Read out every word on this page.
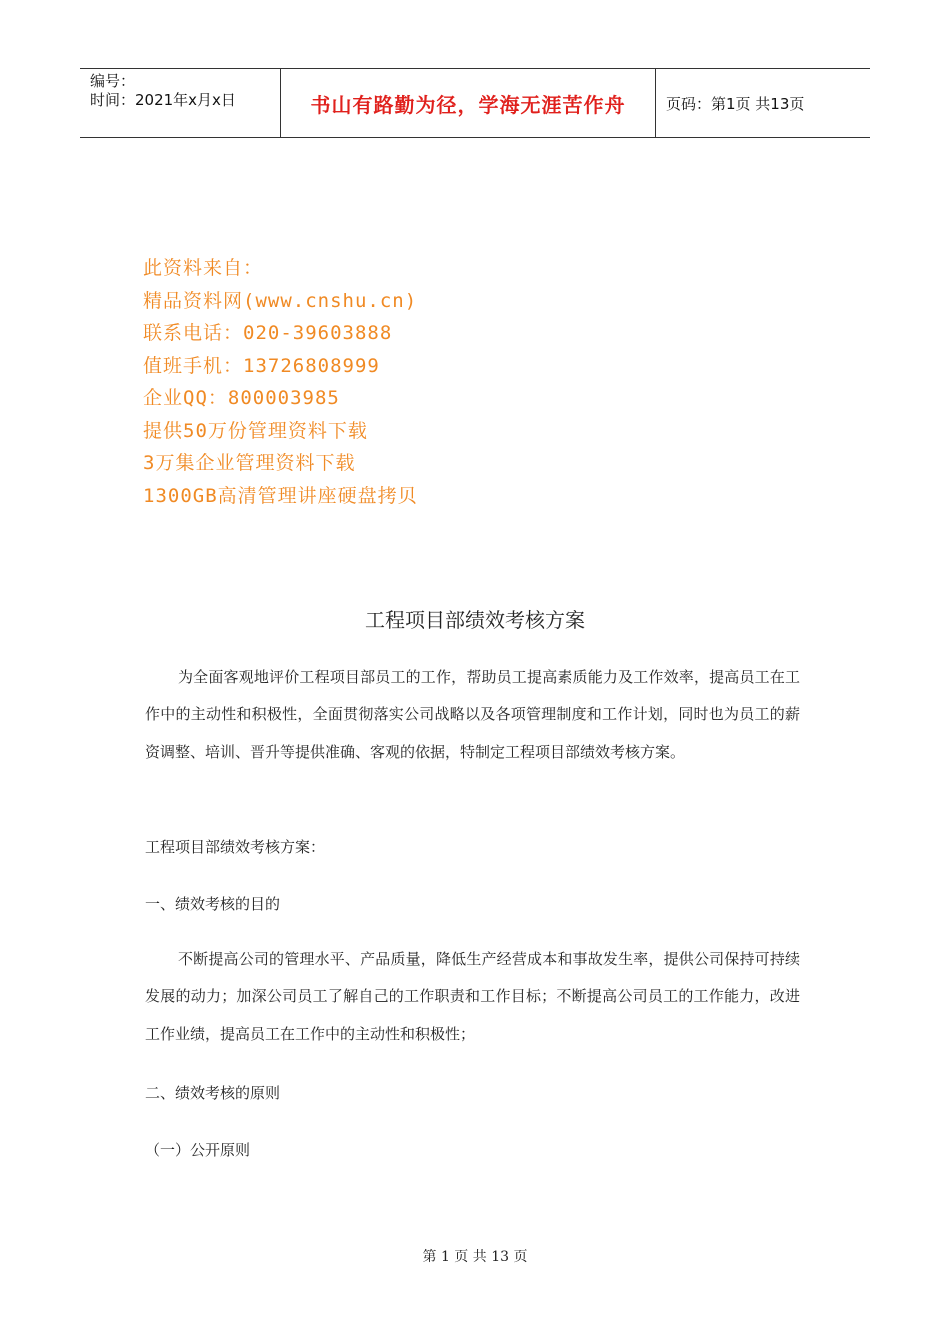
编号：
时间：2021年x月x日	书山有路勤为径，学海无涯苦作舟	页码：第1页 共13页
此资料来自：
精品资料网(www.cnshu.cn)
联系电话：020-39603888
值班手机：13726808999
企业QQ：800003985
提供50万份管理资料下载
3万集企业管理资料下载
1300GB高清管理讲座硬盘拷贝
工程项目部绩效考核方案
为全面客观地评价工程项目部员工的工作，帮助员工提高素质能力及工作效率，提高员工在工作中的主动性和积极性，全面贯彻落实公司战略以及各项管理制度和工作计划，同时也为员工的薪资调整、培训、晋升等提供准确、客观的依据，特制定工程项目部绩效考核方案。
工程项目部绩效考核方案：
一、绩效考核的目的
不断提高公司的管理水平、产品质量，降低生产经营成本和事故发生率，提供公司保持可持续发展的动力；加深公司员工了解自己的工作职责和工作目标；不断提高公司员工的工作能力，改进工作业绩，提高员工在工作中的主动性和积极性；
二、绩效考核的原则
（一）公开原则
第 1 页 共 13 页
